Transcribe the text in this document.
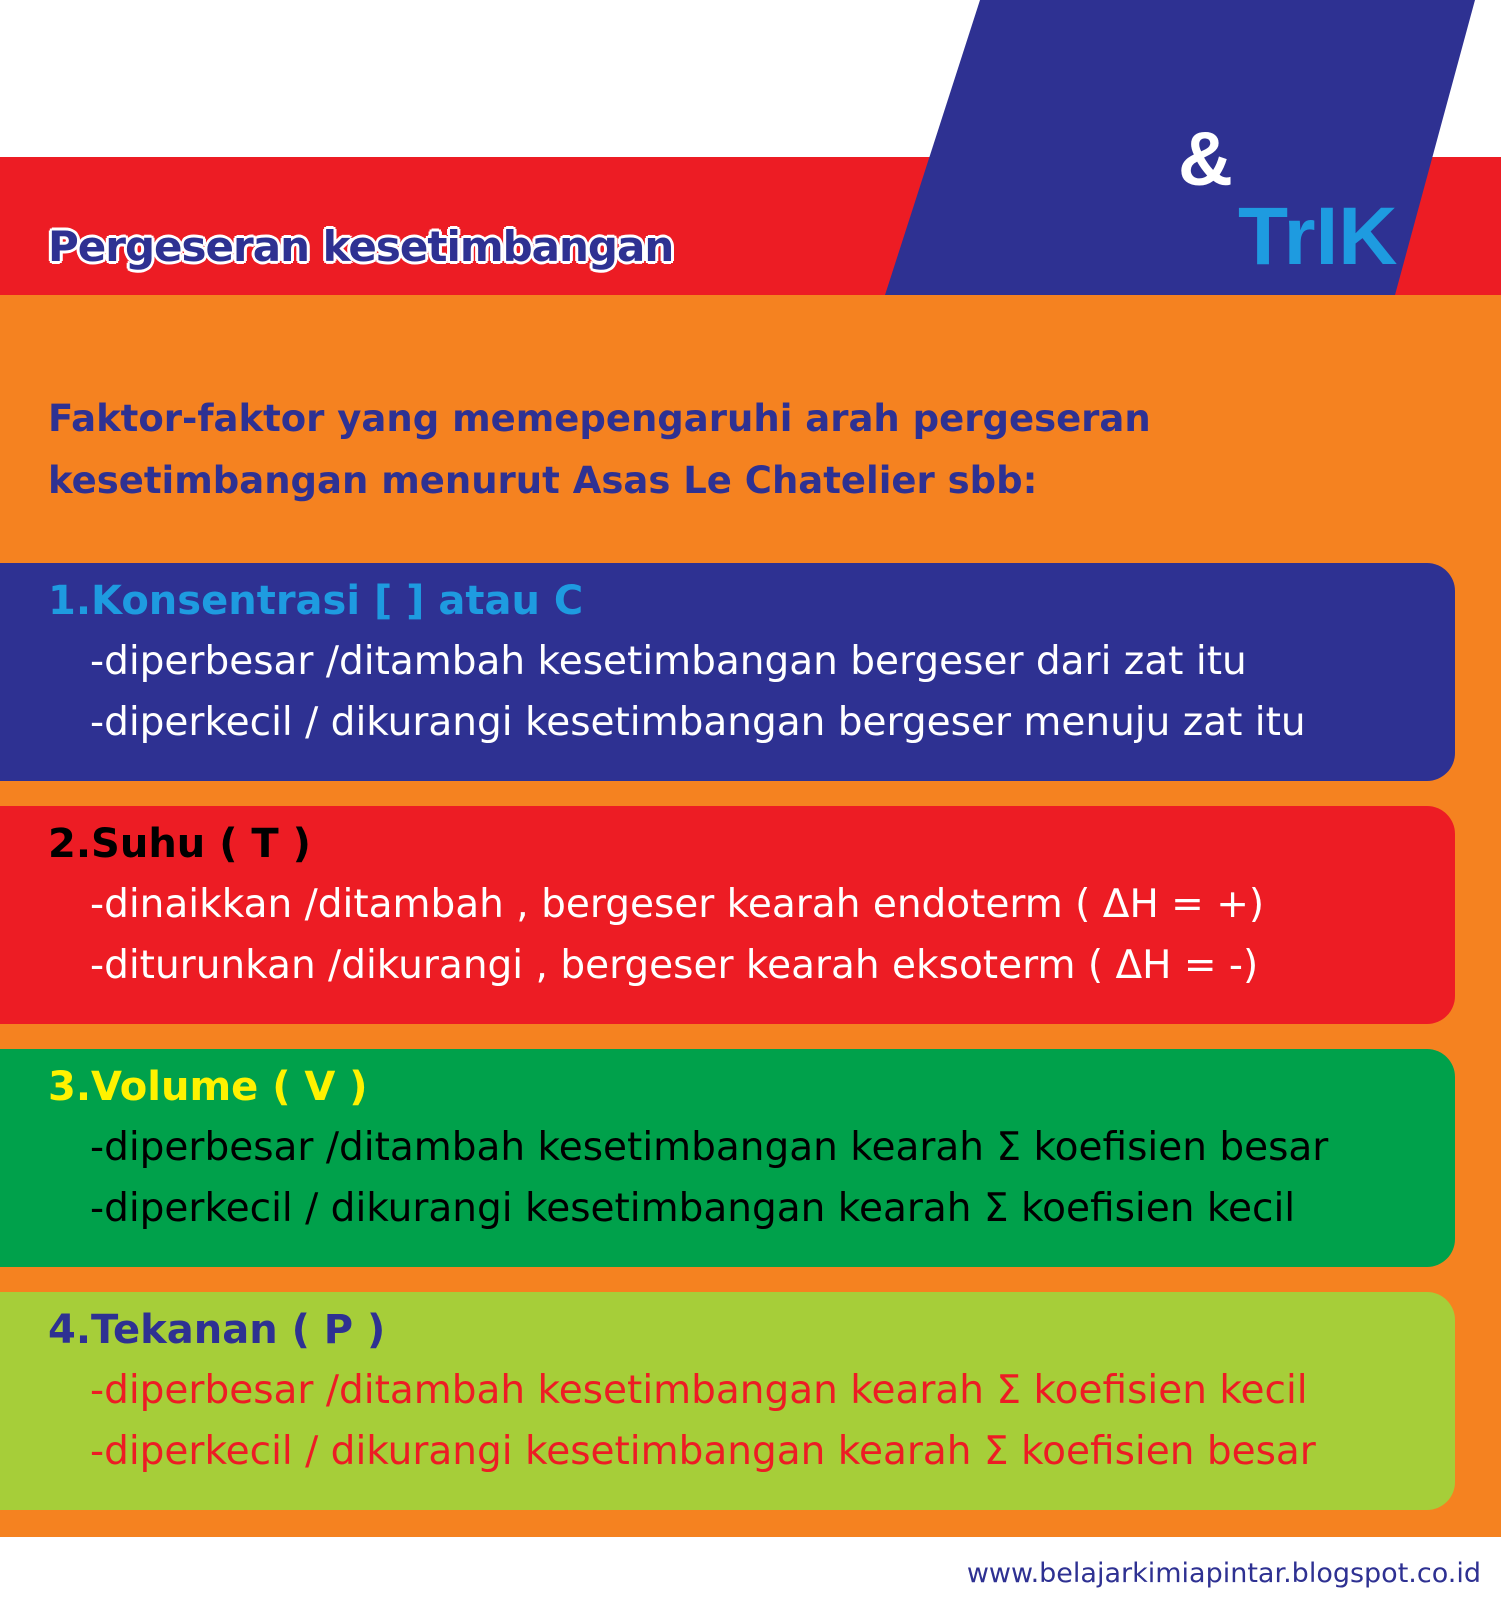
Pergeseran kesetimbangan
&
TrIK
Faktor-faktor yang memepengaruhi arah pergeseran kesetimbangan menurut Asas Le Chatelier sbb:
1.Konsentrasi [ ] atau C
-diperbesar /ditambah kesetimbangan bergeser dari zat itu
-diperkecil / dikurangi kesetimbangan bergeser menuju zat itu
2.Suhu ( T )
-dinaikkan /ditambah , bergeser kearah endoterm ( ΔH = +)
-diturunkan /dikurangi , bergeser kearah eksoterm ( ΔH = -)
3.Volume ( V )
-diperbesar /ditambah kesetimbangan kearah Σ koefisien besar
-diperkecil / dikurangi kesetimbangan kearah Σ koefisien kecil
4.Tekanan ( P )
-diperbesar /ditambah kesetimbangan kearah Σ koefisien kecil
-diperkecil / dikurangi kesetimbangan kearah Σ koefisien besar
www.belajarkimiapintar.blogspot.co.id
